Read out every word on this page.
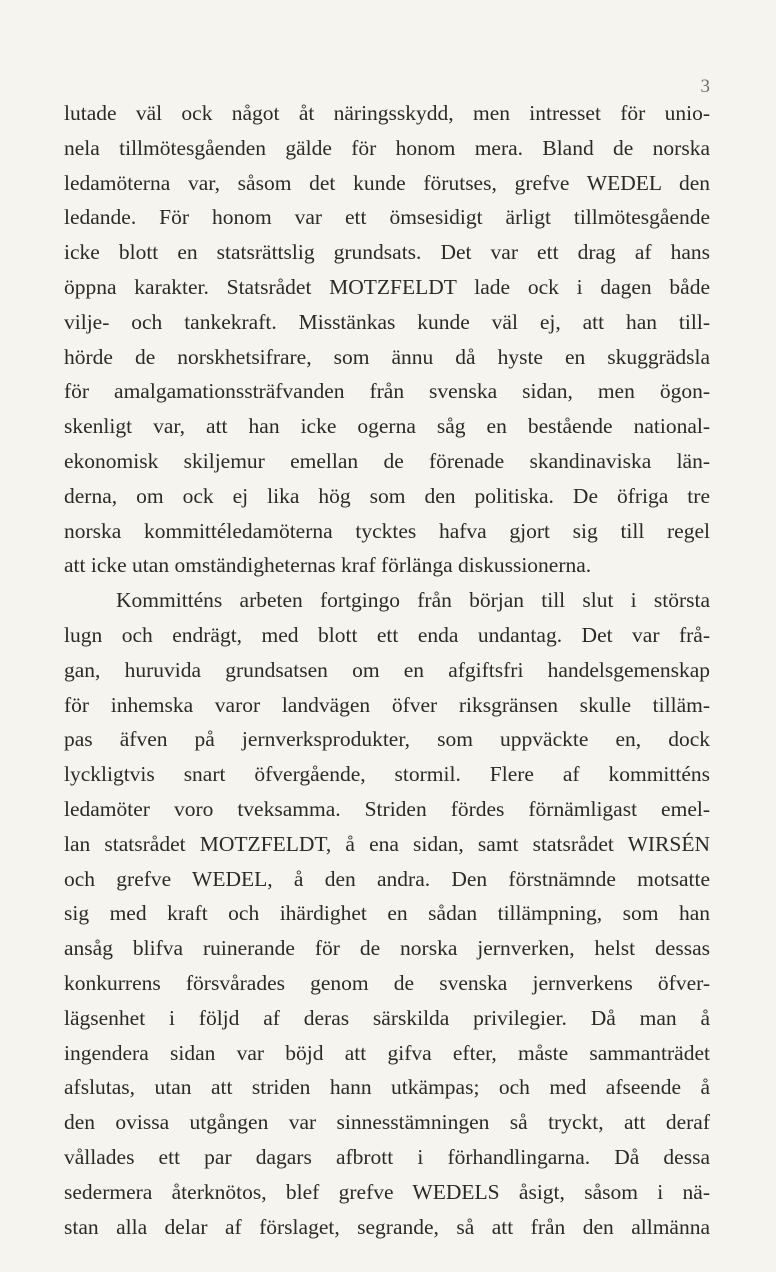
3
lutade väl ock något åt näringsskydd, men intresset för unio-
nela tillmötesgåenden gälde för honom mera. Bland de norska
ledamöterna var, såsom det kunde förutses, grefve WEDEL den
ledande. För honom var ett ömsesidigt ärligt tillmötesgående
icke blott en statsrättslig grundsats. Det var ett drag af hans
öppna karakter. Statsrådet MOTZFELDT lade ock i dagen både
vilje- och tankekraft. Misstänkas kunde väl ej, att han till-
hörde de norskhetsifrare, som ännu då hyste en skuggrädsla
för amalgamationssträfvanden från svenska sidan, men ögon-
skenligt var, att han icke ogerna såg en bestående national-
ekonomisk skiljemur emellan de förenade skandinaviska län-
derna, om ock ej lika hög som den politiska. De öfriga tre
norska kommittéledamöterna tycktes hafva gjort sig till regel
att icke utan omständigheternas kraf förlänga diskussionerna.
Kommitténs arbeten fortgingo från början till slut i största
lugn och endrägt, med blott ett enda undantag. Det var frå-
gan, huruvida grundsatsen om en afgiftsfri handelsgemenskap
för inhemska varor landvägen öfver riksgränsen skulle tilläm-
pas äfven på jernverksprodukter, som uppväckte en, dock
lyckligtvis snart öfvergående, stormil. Flere af kommitténs
ledamöter voro tveksamma. Striden fördes förnämligast emel-
lan statsrådet MOTZFELDT, å ena sidan, samt statsrådet WIRSÉN
och grefve WEDEL, å den andra. Den förstnämnde motsatte
sig med kraft och ihärdighet en sådan tillämpning, som han
ansåg blifva ruinerande för de norska jernverken, helst dessas
konkurrens försvårades genom de svenska jernverkens öfver-
lägsenhet i följd af deras särskilda privilegier. Då man å
ingendera sidan var böjd att gifva efter, måste sammanträdet
afslutas, utan att striden hann utkämpas; och med afseende å
den ovissa utgången var sinnesstämningen så tryckt, att deraf
vållades ett par dagars afbrott i förhandlingarna. Då dessa
sedermera återknötos, blef grefve WEDELS åsigt, såsom i nä-
stan alla delar af förslaget, segrande, så att från den allmänna
